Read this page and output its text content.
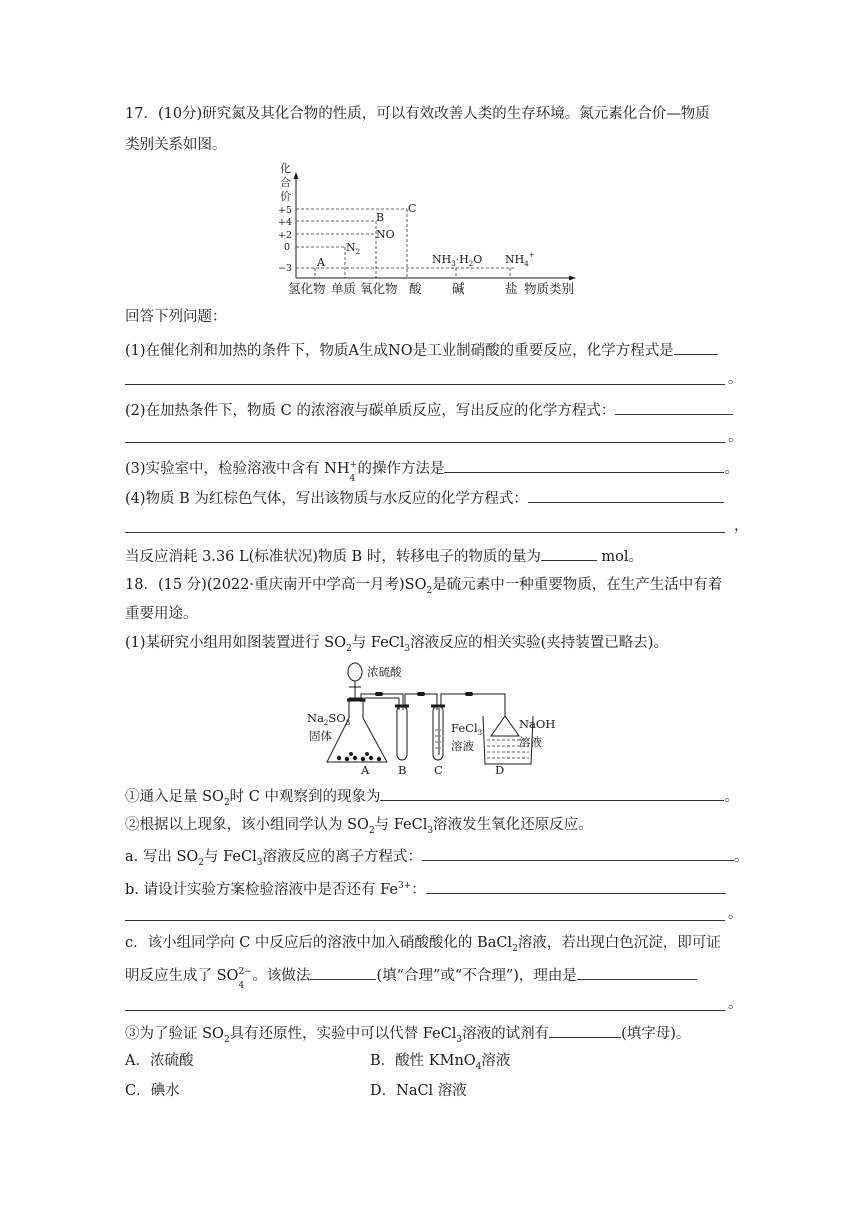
17．(10分)研究氮及其化合物的性质，可以有效改善人类的生存环境。氮元素化合价—物质
类别关系如图。
化
合
价
+5
+4
+2
0
−3 A
$N_2$
B
NO
C
$NH_3\cdot H_2O$ $NH_4^+$
氢化物 单质 氧化物 酸 碱	盐 物质类别
回答下列问题：
(1)在催化剂和加热的条件下，物质A生成NO是工业制硝酸的重要反应，化学方程式是
。
(2)在加热条件下，物质 C 的浓溶液与碳单质反应，写出反应的化学方程式：
。
(3)实验室中，检验溶液中含有 NH +
4
的操作方法是	。
(4)物质 B 为红棕色气体，写出该物质与水反应的化学方程式：
，
当反应消耗 3.36 L(标准状况)物质 B 时，转移电子的物质的量为	mol。
18．(15 分)(2022·重庆南开中学高一月考)$SO_2$是硫元素中一种重要物质，在生产生活中有着
重要用途。
(1)某研究小组用如图装置进行 $SO_2$与 FeCl$_3$溶液反应的相关实验(夹持装置已略去)。
浓硫酸
$Na_2SO_3$
固体
FeCl$_3$
溶液
NaOH
溶液
A B C	D
①通入足量 $SO_2$时 C 中观察到的现象为	。
②根据以上现象，该小组同学认为 $SO_2$与 FeCl$_3$溶液发生氧化还原反应。
a. 写出 $SO_2$与 FeCl$_3$溶液反应的离子方程式：	。
b. 请设计实验方案检验溶液中是否还有 $Fe^{3+}$：
。
c．该小组同学向 C 中反应后的溶液中加入硝酸酸化的 BaCl$_2$溶液，若出现白色沉淀，即可证
明反应生成了 SO 2−
4
。该做法	(填“合理”或“不合理”)，理由是
。
③为了验证 $SO_2$具有还原性，实验中可以代替 FeCl$_3$溶液的试剂有	(填字母)。
A．浓硫酸	B．酸性 KMnO$_4$溶液
C．碘水	D．NaCl 溶液
